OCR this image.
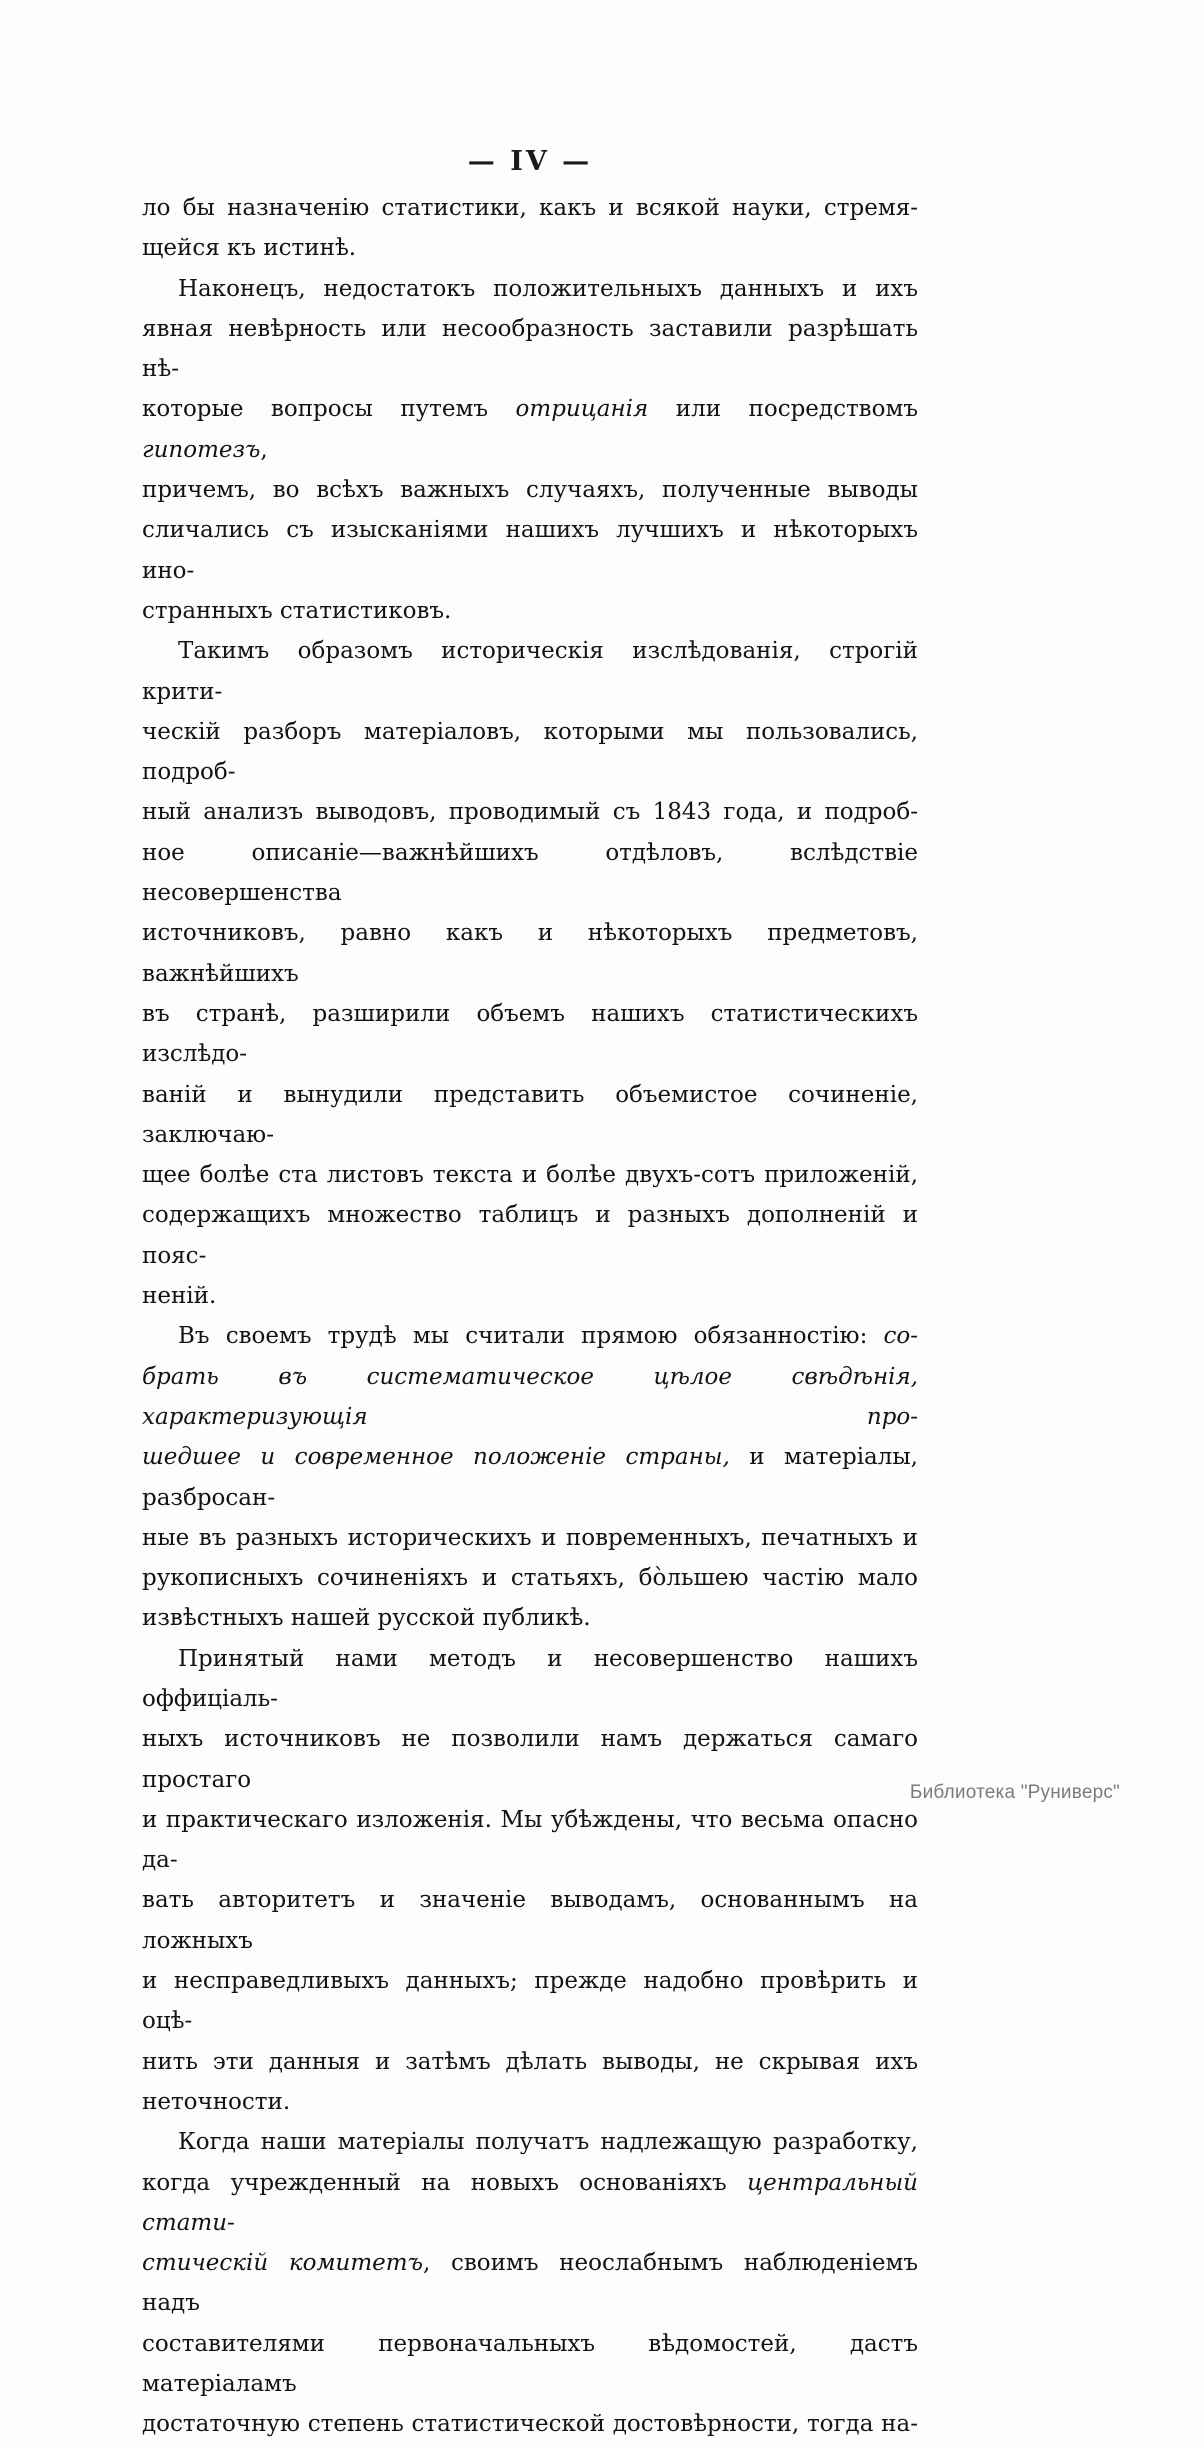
— IV —
ло бы назначенію статистики, какъ и всякой науки, стремя-
щейся къ истинѣ.
Наконецъ, недостатокъ положительныхъ данныхъ и ихъ
явная невѣрность или несообразность заставили разрѣшать нѣ-
которые вопросы путемъ отрицанія или посредствомъ гипотезъ,
причемъ, во всѣхъ важныхъ случаяхъ, полученные выводы
сличались съ изысканіями нашихъ лучшихъ и нѣкоторыхъ ино-
странныхъ статистиковъ.
Такимъ образомъ историческія изслѣдованія, строгій крити-
ческій разборъ матеріаловъ, которыми мы пользовались, подроб-
ный анализъ выводовъ, проводимый съ 1843 года, и подроб-
ное описаніе—важнѣйшихъ отдѣловъ, вслѣдствіе несовершенства
источниковъ, равно какъ и нѣкоторыхъ предметовъ, важнѣйшихъ
въ странѣ, разширили объемъ нашихъ статистическихъ изслѣдо-
ваній и вынудили представить объемистое сочиненіе, заключаю-
щее болѣе ста листовъ текста и болѣе двухъ-сотъ приложеній,
содержащихъ множество таблицъ и разныхъ дополненій и пояс-
неній.
Въ своемъ трудѣ мы считали прямою обязанностію: со-
брать въ систематическое цѣлое свѣдѣнія, характеризующія про-
шедшее и современное положеніе страны, и матеріалы, разбросан-
ные въ разныхъ историческихъ и повременныхъ, печатныхъ и
рукописныхъ сочиненіяхъ и статьяхъ, бо̀льшею частію мало
извѣстныхъ нашей русской публикѣ.
Принятый нами методъ и несовершенство нашихъ оффиціаль-
ныхъ источниковъ не позволили намъ держаться самаго простаго
и практическаго изложенія. Мы убѣждены, что весьма опасно да-
вать авторитетъ и значеніе выводамъ, основаннымъ на ложныхъ
и несправедливыхъ данныхъ; прежде надобно провѣрить и оцѣ-
нить эти данныя и затѣмъ дѣлать выводы, не скрывая ихъ
неточности.
Когда наши матеріалы получатъ надлежащую разработку,
когда учрежденный на новыхъ основаніяхъ центральный стати-
стическій комитетъ, своимъ неослабнымъ наблюденіемъ надъ
составителями первоначальныхъ вѣдомостей, дастъ матеріаламъ
достаточную степень статистической достовѣрности, тогда на-
Библиотека "Руниверс"
